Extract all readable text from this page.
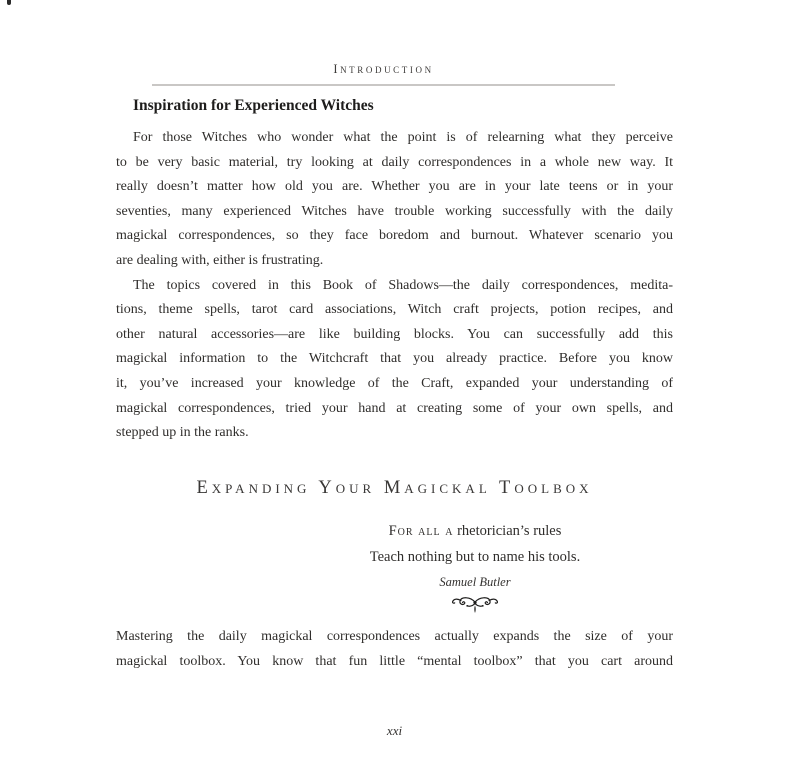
Introduction
Inspiration for Experienced Witches
For those Witches who wonder what the point is of relearning what they perceive
to be very basic material, try looking at daily correspondences in a whole new way. It
really doesn’t matter how old you are. Whether you are in your late teens or in your
seventies, many experienced Witches have trouble working successfully with the daily
magickal correspondences, so they face boredom and burnout. Whatever scenario you
are dealing with, either is frustrating.
The topics covered in this Book of Shadows—the daily correspondences, medita-
tions, theme spells, tarot card associations, Witch craft projects, potion recipes, and
other natural accessories—are like building blocks. You can successfully add this
magickal information to the Witchcraft that you already practice. Before you know
it, you’ve increased your knowledge of the Craft, expanded your understanding of
magickal correspondences, tried your hand at creating some of your own spells, and
stepped up in the ranks.
Expanding Your Magickal Toolbox
For all a rhetorician’s rules
Teach nothing but to name his tools.
Samuel Butler
Mastering the daily magickal correspondences actually expands the size of your
magickal toolbox. You know that fun little “mental toolbox” that you cart around
xxi
